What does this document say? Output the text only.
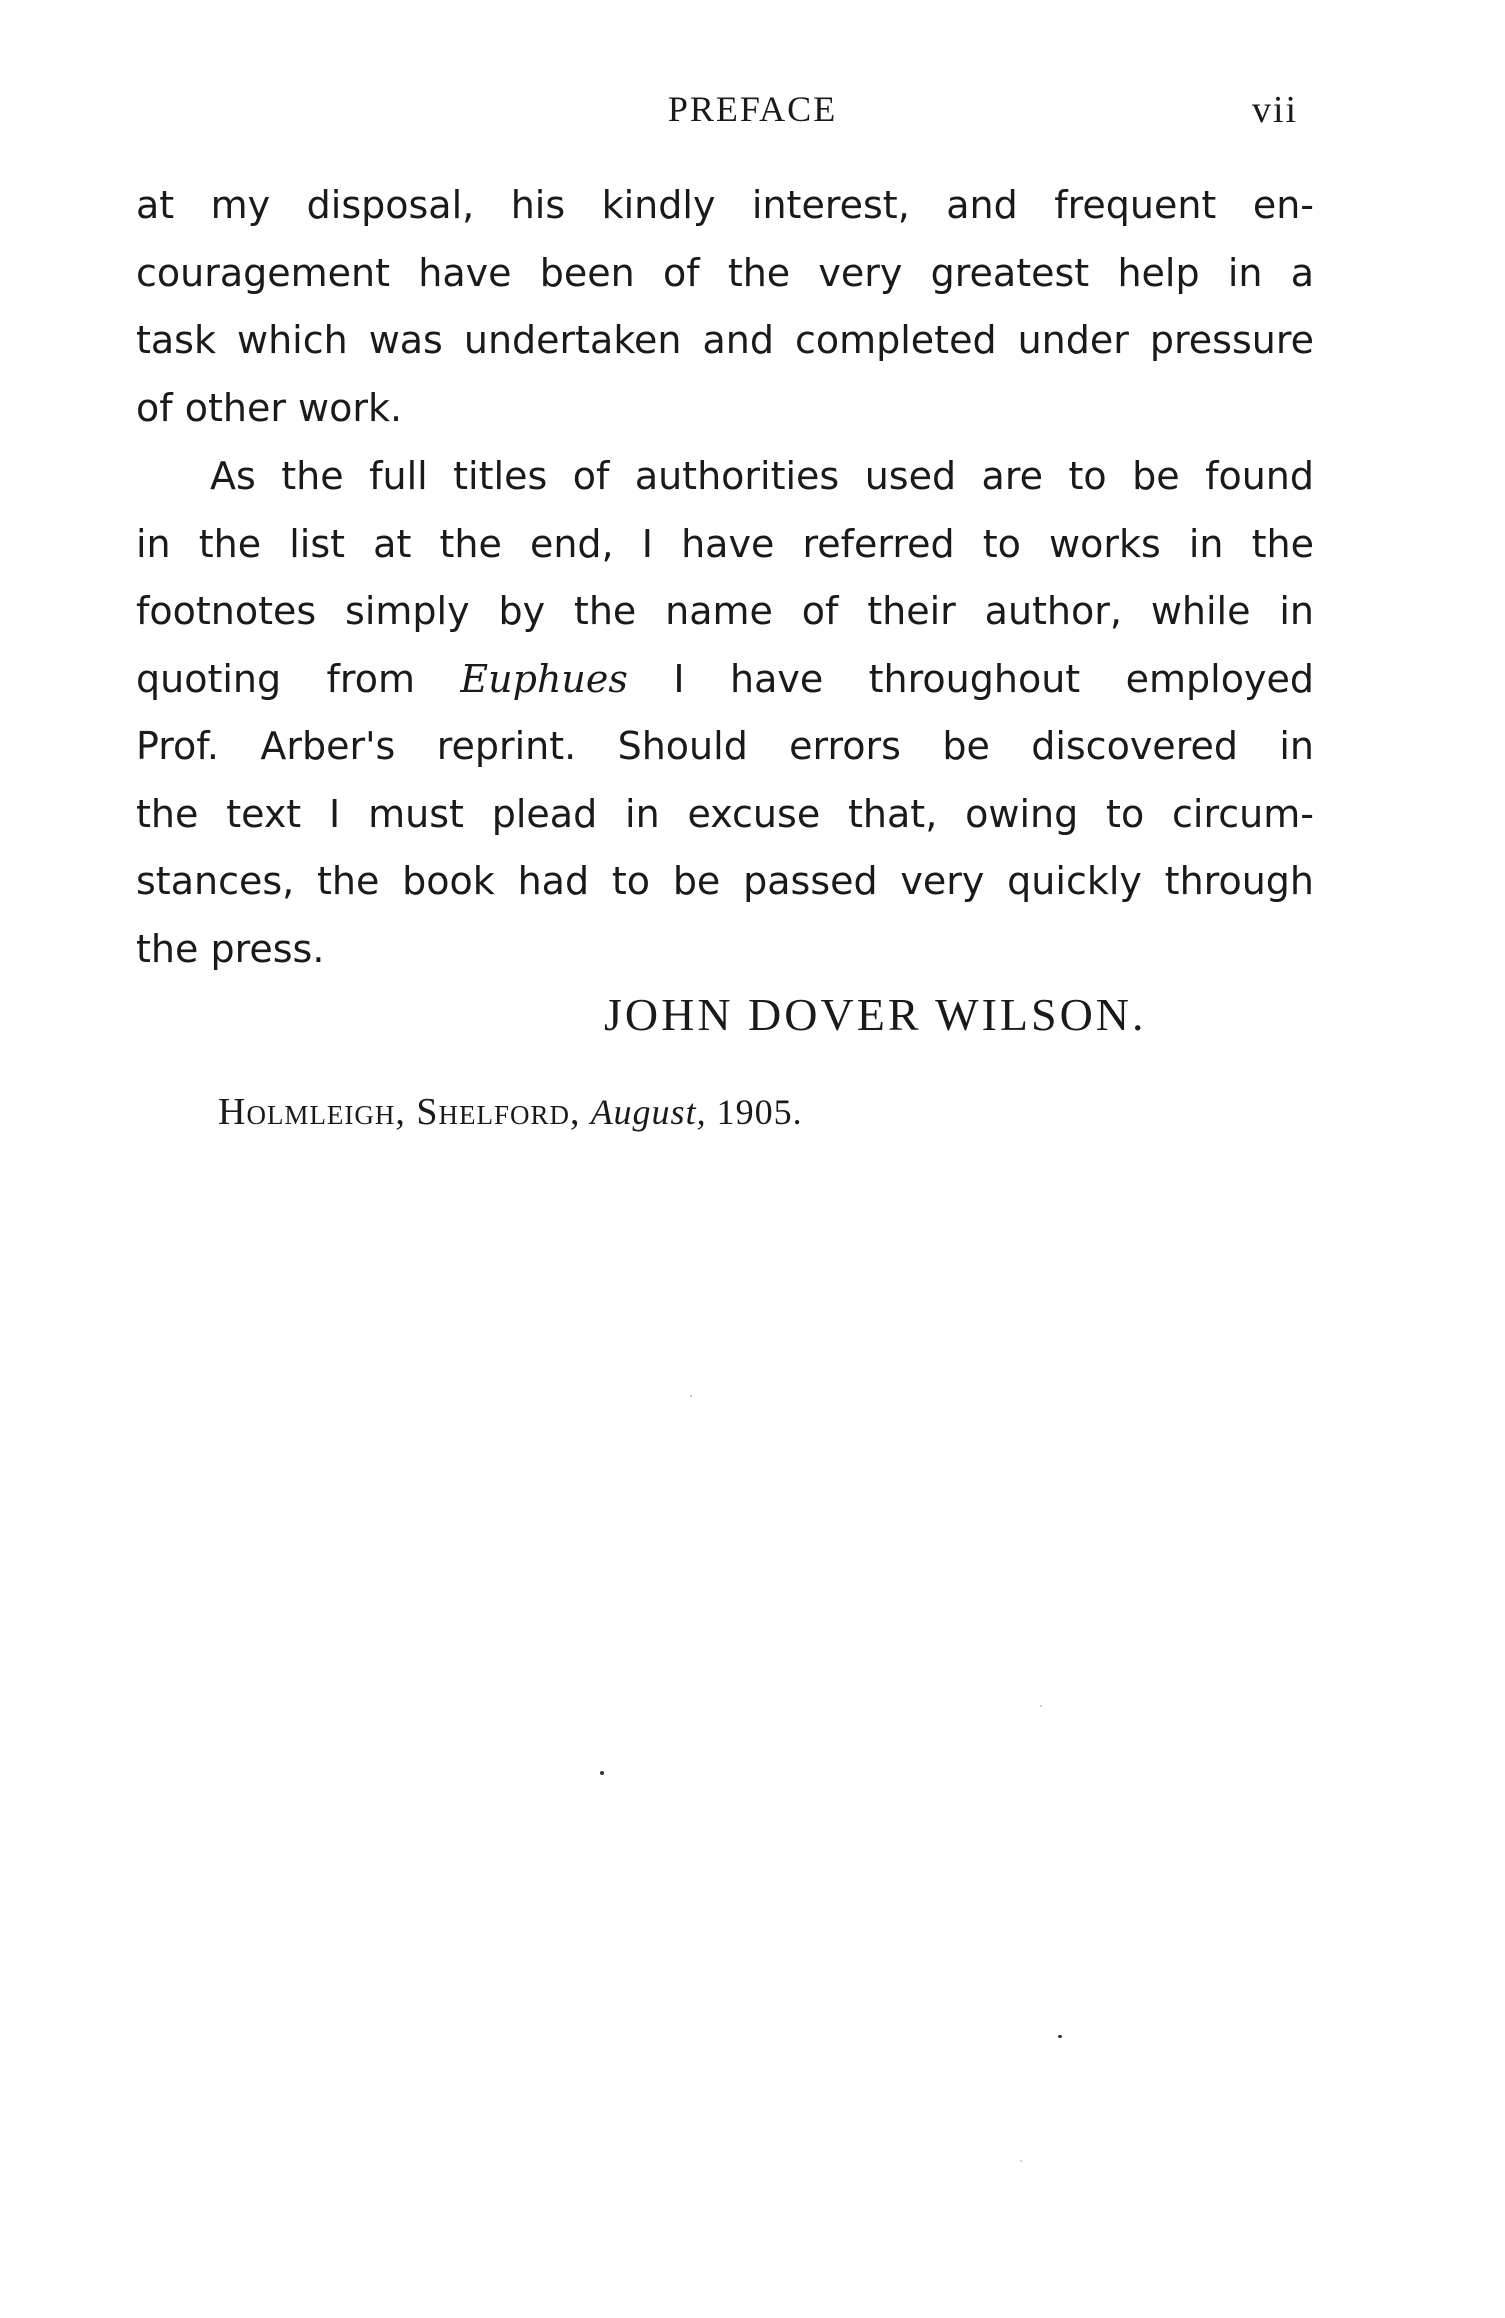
PREFACE	vii
at my disposal, his kindly interest, and frequent en-
couragement have been of the very greatest help in a
task which was undertaken and completed under pressure
of other work.
As the full titles of authorities used are to be found
in the list at the end, I have referred to works in the
footnotes simply by the name of their author, while in
quoting from Euphues I have throughout employed
Prof. Arber's reprint. Should errors be discovered in
the text I must plead in excuse that, owing to circum-
stances, the book had to be passed very quickly through
the press.
JOHN DOVER WILSON.
Holmleigh, Shelford, August, 1905.
